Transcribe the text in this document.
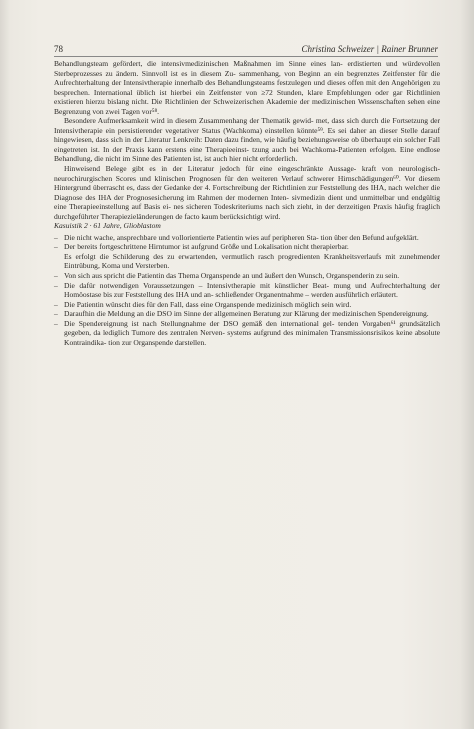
78	Christina Schweizer | Rainer Brunner

Behandlungsteam gefördert, die intensivmedizinischen Maßnahmen im Sinne eines lan- erdistierten und würdevollen Sterbeprozesses zu ändern. Sinnvoll ist es in diesem Zu- sammenhang, von Beginn an ein begrenztes Zeitfenster für die Aufrechterhaltung der Intensivtherapie innerhalb des Behandlungsteams festzulegen und dieses offen mit den Angehörigen zu besprechen. International üblich ist hierbei ein Zeitfenster von ≥72 Stunden, klare Empfehlungen oder gar Richtlinien existieren hierzu bislang nicht. Die Richtlinien der Schweizerischen Akademie der medizinischen Wissenschaften sehen eine Begrenzung von zwei Tagen vor⁵⁸.

Besondere Aufmerksamkeit wird in diesem Zusammenhang der Thematik gewid- met, dass sich durch die Fortsetzung der Intensivtherapie ein persistierender vegetativer Status (Wachkoma) einstellen könnte⁵⁹. Es sei daher an dieser Stelle darauf hingewiesen, dass sich in der Literatur Lenkreih: Daten dazu finden, wie häufig beziehungsweise ob überhaupt ein solcher Fall eingetreten ist. In der Praxis kann erstens eine Therapieeinst- tzung auch bei Wachkoma-Patienten erfolgen. Eine endlose Behandlung, die nicht im Sinne des Patienten ist, ist auch hier nicht erforderlich.

Hinweisend Belege gibt es in der Literatur jedoch für eine eingeschränkte Aussage- kraft von neurologisch-neurochirurgischen Scores und klinischen Prognosen für den weiteren Verlauf schwerer Hirnschädigungen⁶⁰. Vor diesem Hintergrund überrascht es, dass der Gedanke der 4. Fortschreibung der Richtlinien zur Feststellung des IHA, nach welcher die Diagnose des IHA der Prognosesicherung im Rahmen der modernen Inten- sivmedizin dient und unmittelbar und endgültig eine Therapieeinstellung auf Basis ei- nes sicheren Todeskriteriums nach sich zieht, in der derzeitigen Praxis häufig fraglich durchgeführter Therapiezieländerungen de facto kaum berücksichtigt wird.

Kasuistik 2 · 61 Jahre, Glioblastom

– Die nicht wache, ansprechbare und vollorientierte Patientin wies auf peripheren Sta- tion über den Befund aufgeklärt.
– Der bereits fortgeschrittene Hirntumor ist aufgrund Größe und Lokalisation nicht therapierbar.
Es erfolgt die Schilderung des zu erwartenden, vermutlich rasch progredienten Krankheitsverlaufs mit zunehmender Eintrübung, Koma und Versterben.
– Von sich aus spricht die Patientin das Thema Organspende an und äußert den Wunsch, Organspenderin zu sein.
– Die dafür notwendigen Voraussetzungen – Intensivtherapie mit künstlicher Beat- mung und Aufrechterhaltung der Homöostase bis zur Feststellung des IHA und an- schließender Organentnahme – werden ausführlich erläutert.
– Die Patientin wünscht dies für den Fall, dass eine Organspende medizinisch möglich sein wird.
– Daraufhin die Meldung an die DSO im Sinne der allgemeinen Beratung zur Klärung der medizinischen Spendereignung.
– Die Spendereignung ist nach Stellungnahme der DSO gemäß den international gel- tenden Vorgaben⁶¹ grundsätzlich gegeben, da lediglich Tumore des zentralen Nerven- systems aufgrund des minimalen Transmissionsrisikos keine absolute Kontraindika- tion zur Organspende darstellen.
